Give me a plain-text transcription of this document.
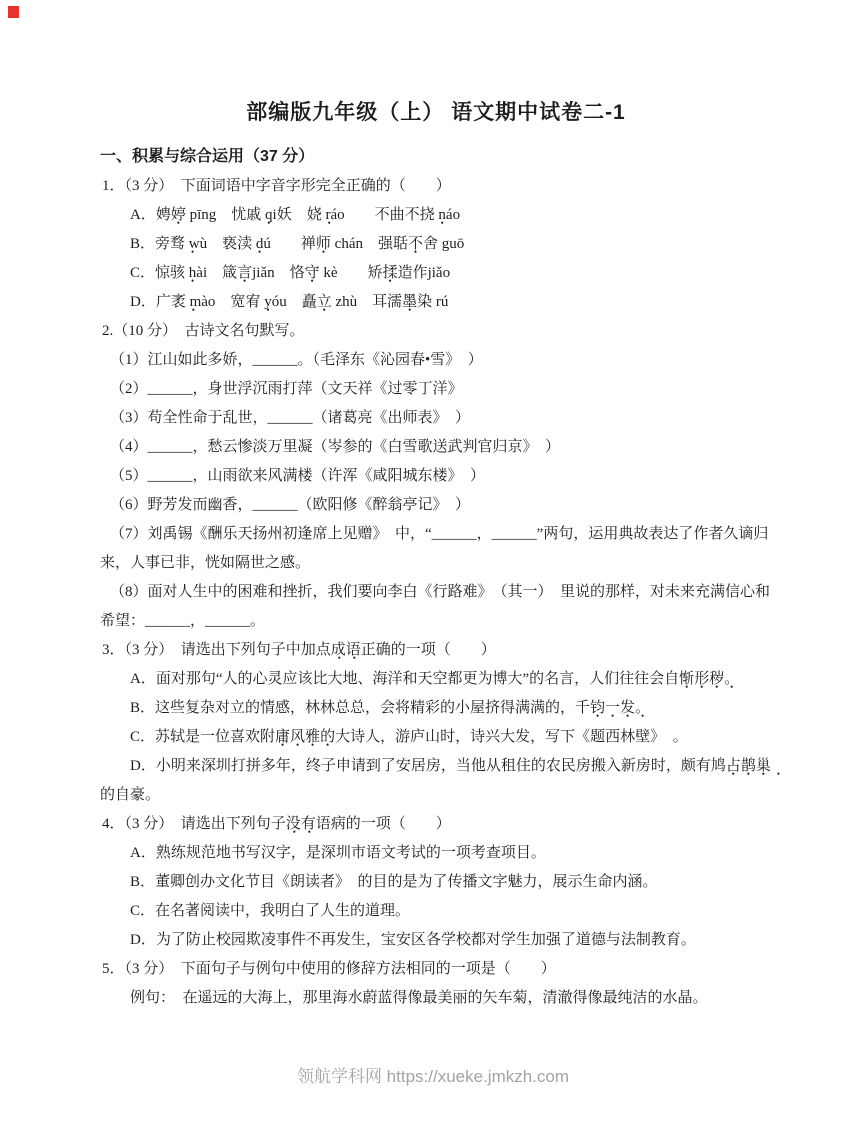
部编版九年级（上） 语文期中试卷二-1
一、积累与综合运用（37 分）

1．（3 分）　下面词语中字音字形完全正确的（　　）

A．娉婷 pīng　忧戚 qi妖　娆 ráo　　不曲不挠 náo

B．旁骛 wù　亵渎 dú　　禅师 chán　强聒不舍 guō

C．惊骇 hài　箴言jiǎn　恪守 kè　　矫揉造作jiǎo

D．广袤 mào　宽宥 yóu　矗立 zhù　耳濡墨染 rú

2.（10 分）　古诗文名句默写。

（1）江山如此多娇，______。（毛泽东《沁园春•雪》　）

（2）______，身世浮沉雨打萍（文天祥《过零丁洋》

（3）苟全性命于乱世，______（诸葛亮《出师表》　）

（4）______，愁云惨淡万里凝（岑参的《白雪歌送武判官归京》　）

（5）______，山雨欲来风满楼（许浑《咸阳城东楼》　）

（6）野芳发而幽香，______（欧阳修《醉翁亭记》　）

（7）刘禹锡《酬乐天扬州初逢席上见赠》　中，“______，______”两句，运用典故表达了作者久谪归来，人事已非，恍如隔世之感。

（8）面对人生中的困难和挫折，我们要向李白《行路难》　（其一）　里说的那样，对未来充满信心和希望：______，______。

3．（3 分）　请选出下列句子中加点成语正确的一项（　　）

A．面对那句“人的心灵应该比大地、海洋和天空都更为博大”的名言，人们往往会自惭形秽。

B．这些复杂对立的情感，林林总总，会将精彩的小屋挤得满满的，千钧一发。

C．苏轼是一位喜欢附庸风雅的大诗人，游庐山时，诗兴大发，写下《题西林壁》　。

D．小明来深圳打拼多年，终子申请到了安居房，当他从租住的农民房搬入新房时，颇有鸠占鹊巢的自豪。

4．（3 分）　请选出下列句子没有语病的一项（　　）

A．熟练规范地书写汉字，是深圳市语文考试的一项考查项目。

B．董卿创办文化节目《朗读者》　的目的是为了传播文字魅力，展示生命内涵。

C．在名著阅读中，我明白了人生的道理。

D．为了防止校园欺凌事件不再发生，宝安区各学校都对学生加强了道德与法制教育。

5．（3 分）　下面句子与例句中使用的修辞方法相同的一项是（　　）

例句：　在遥远的大海上，那里海水蔚蓝得像最美丽的矢车菊，清澈得像最纯洁的水晶。

领航学科网 https://xueke.jmkzh.com
